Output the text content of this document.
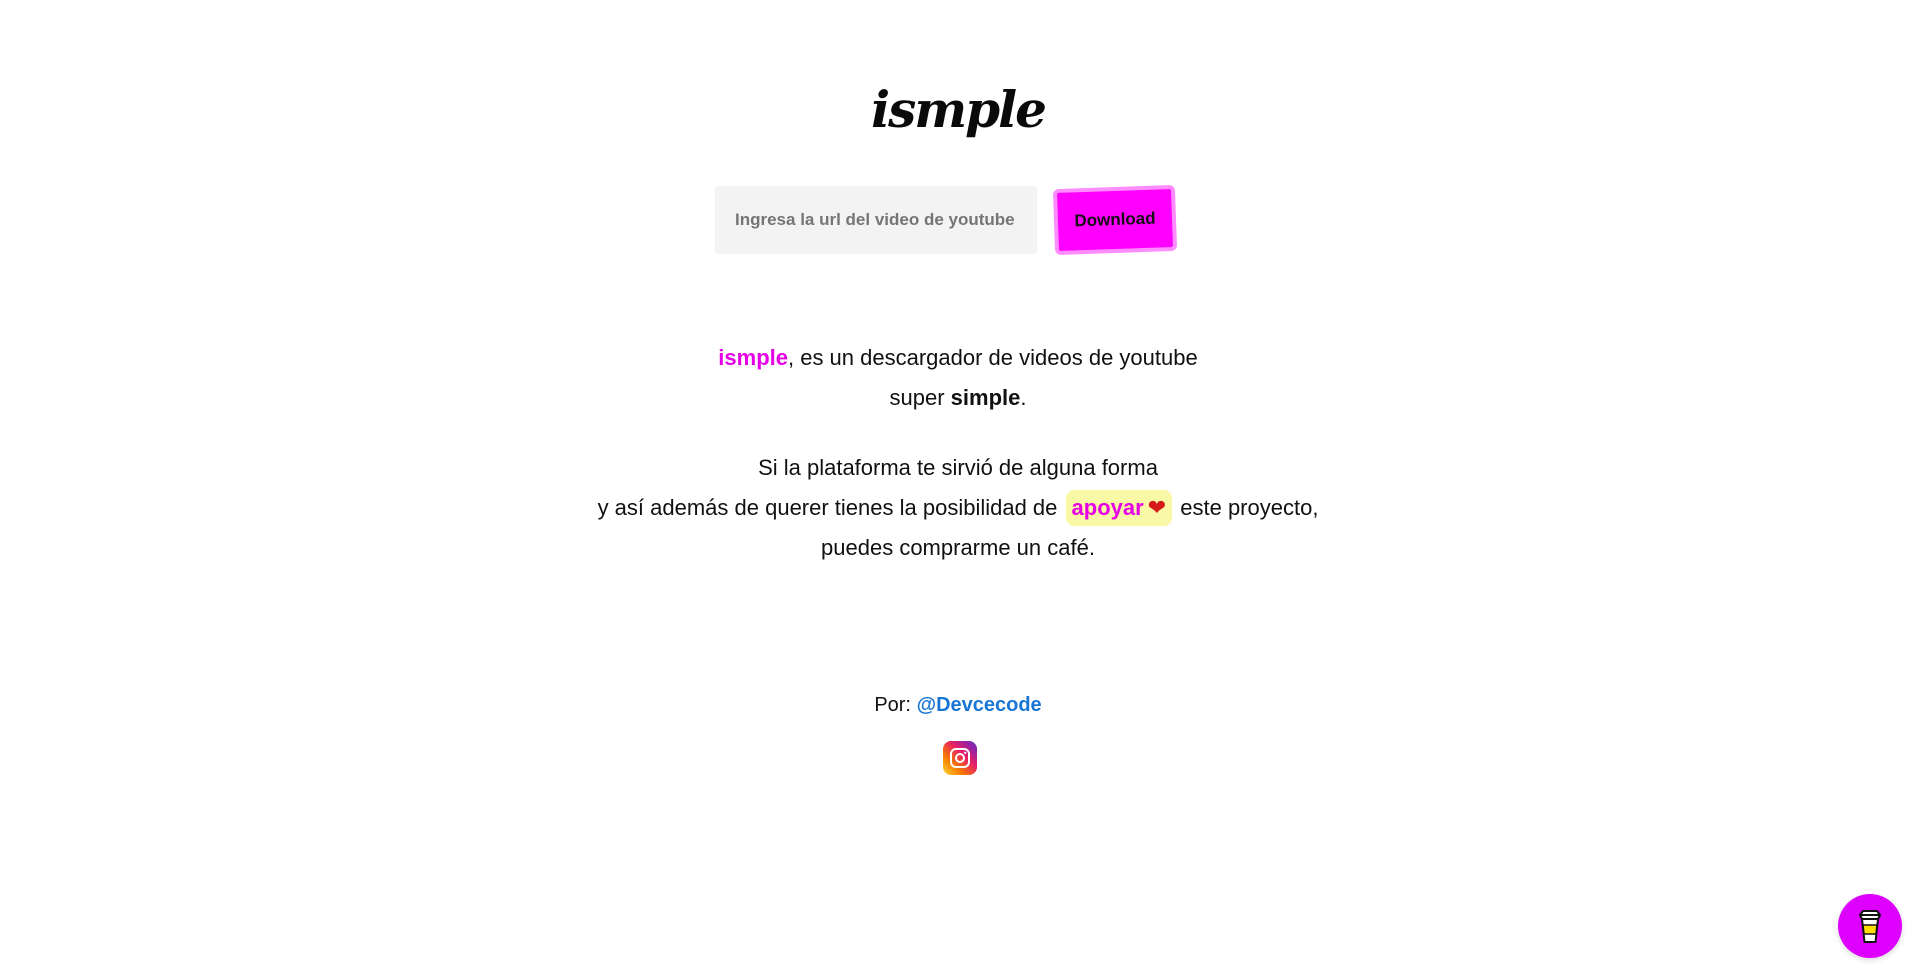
ismple
Ingresa la url del video de youtube
Download

ismple, es un descargador de videos de youtube

super simple.

Si la plataforma te sirvió de alguna forma

y así además de querer tienes la posibilidad de apoyar ❤ este proyecto,

puedes comprarme un café.

Por: @Devcecode
